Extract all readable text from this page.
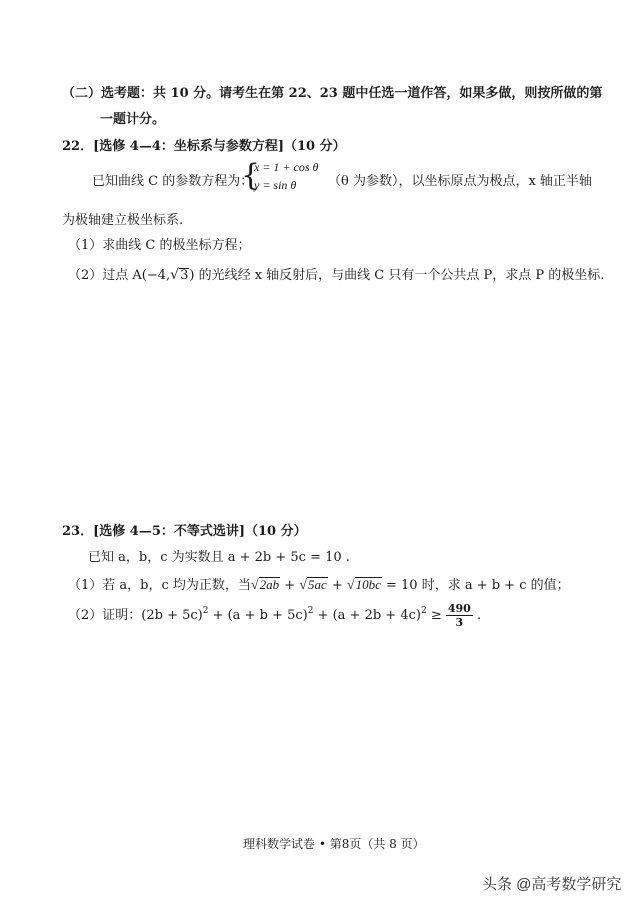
（二）选考题：共 10 分。请考生在第 22、23 题中任选一道作答，如果多做，则按所做的第
一题计分。
22．[选修 4—4：坐标系与参数方程]（10 分）
已知曲线 C 的参数方程为：
{
x = 1 + cos θ
y = sin θ （θ 为参数），以坐标原点为极点，x 轴正半轴
为极轴建立极坐标系.
（1）求曲线 C 的极坐标方程；
（2）过点 A(−4,√3) 的光线经 x 轴反射后，与曲线 C 只有一个公共点 P，求点 P 的极坐标.
23．[选修 4—5：不等式选讲]（10 分）
已知 a，b，c 为实数且 a + 2b + 5c = 10 .
（1）若 a，b，c 均为正数，当√2ab + √5ac + √10bc = 10 时，求 a + b + c 的值；
（2）证明：$(2b + 5c)^2 + (a + b + 5c)^2 + (a + 2b + 4c)^2 \ge \frac{490}{3}$ .
理科数学试卷 • 第8页（共 8 页）
头条 @高考数学研究
